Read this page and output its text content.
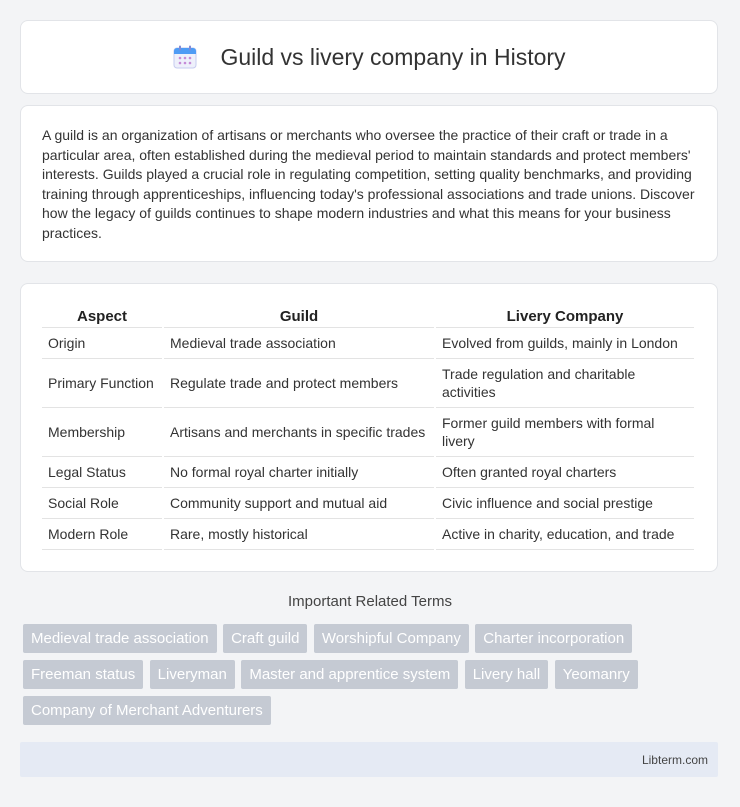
Guild vs livery company in History

A guild is an organization of artisans or merchants who oversee the practice of their craft or trade in a particular area, often established during the medieval period to maintain standards and protect members' interests. Guilds played a crucial role in regulating competition, setting quality benchmarks, and providing training through apprenticeships, influencing today's professional associations and trade unions. Discover how the legacy of guilds continues to shape modern industries and what this means for your business practices.

Aspect	Guild	Livery Company
Origin	Medieval trade association	Evolved from guilds, mainly in London
Primary Function	Regulate trade and protect members	Trade regulation and charitable activities
Membership	Artisans and merchants in specific trades	Former guild members with formal livery
Legal Status	No formal royal charter initially	Often granted royal charters
Social Role	Community support and mutual aid	Civic influence and social prestige
Modern Role	Rare, mostly historical	Active in charity, education, and trade
Important Related Terms
Medieval trade association Craft guild Worshipful Company Charter incorporation
Freeman status Liveryman Master and apprentice system Livery hall Yeomanry
Company of Merchant Adventurers
Libterm.com
